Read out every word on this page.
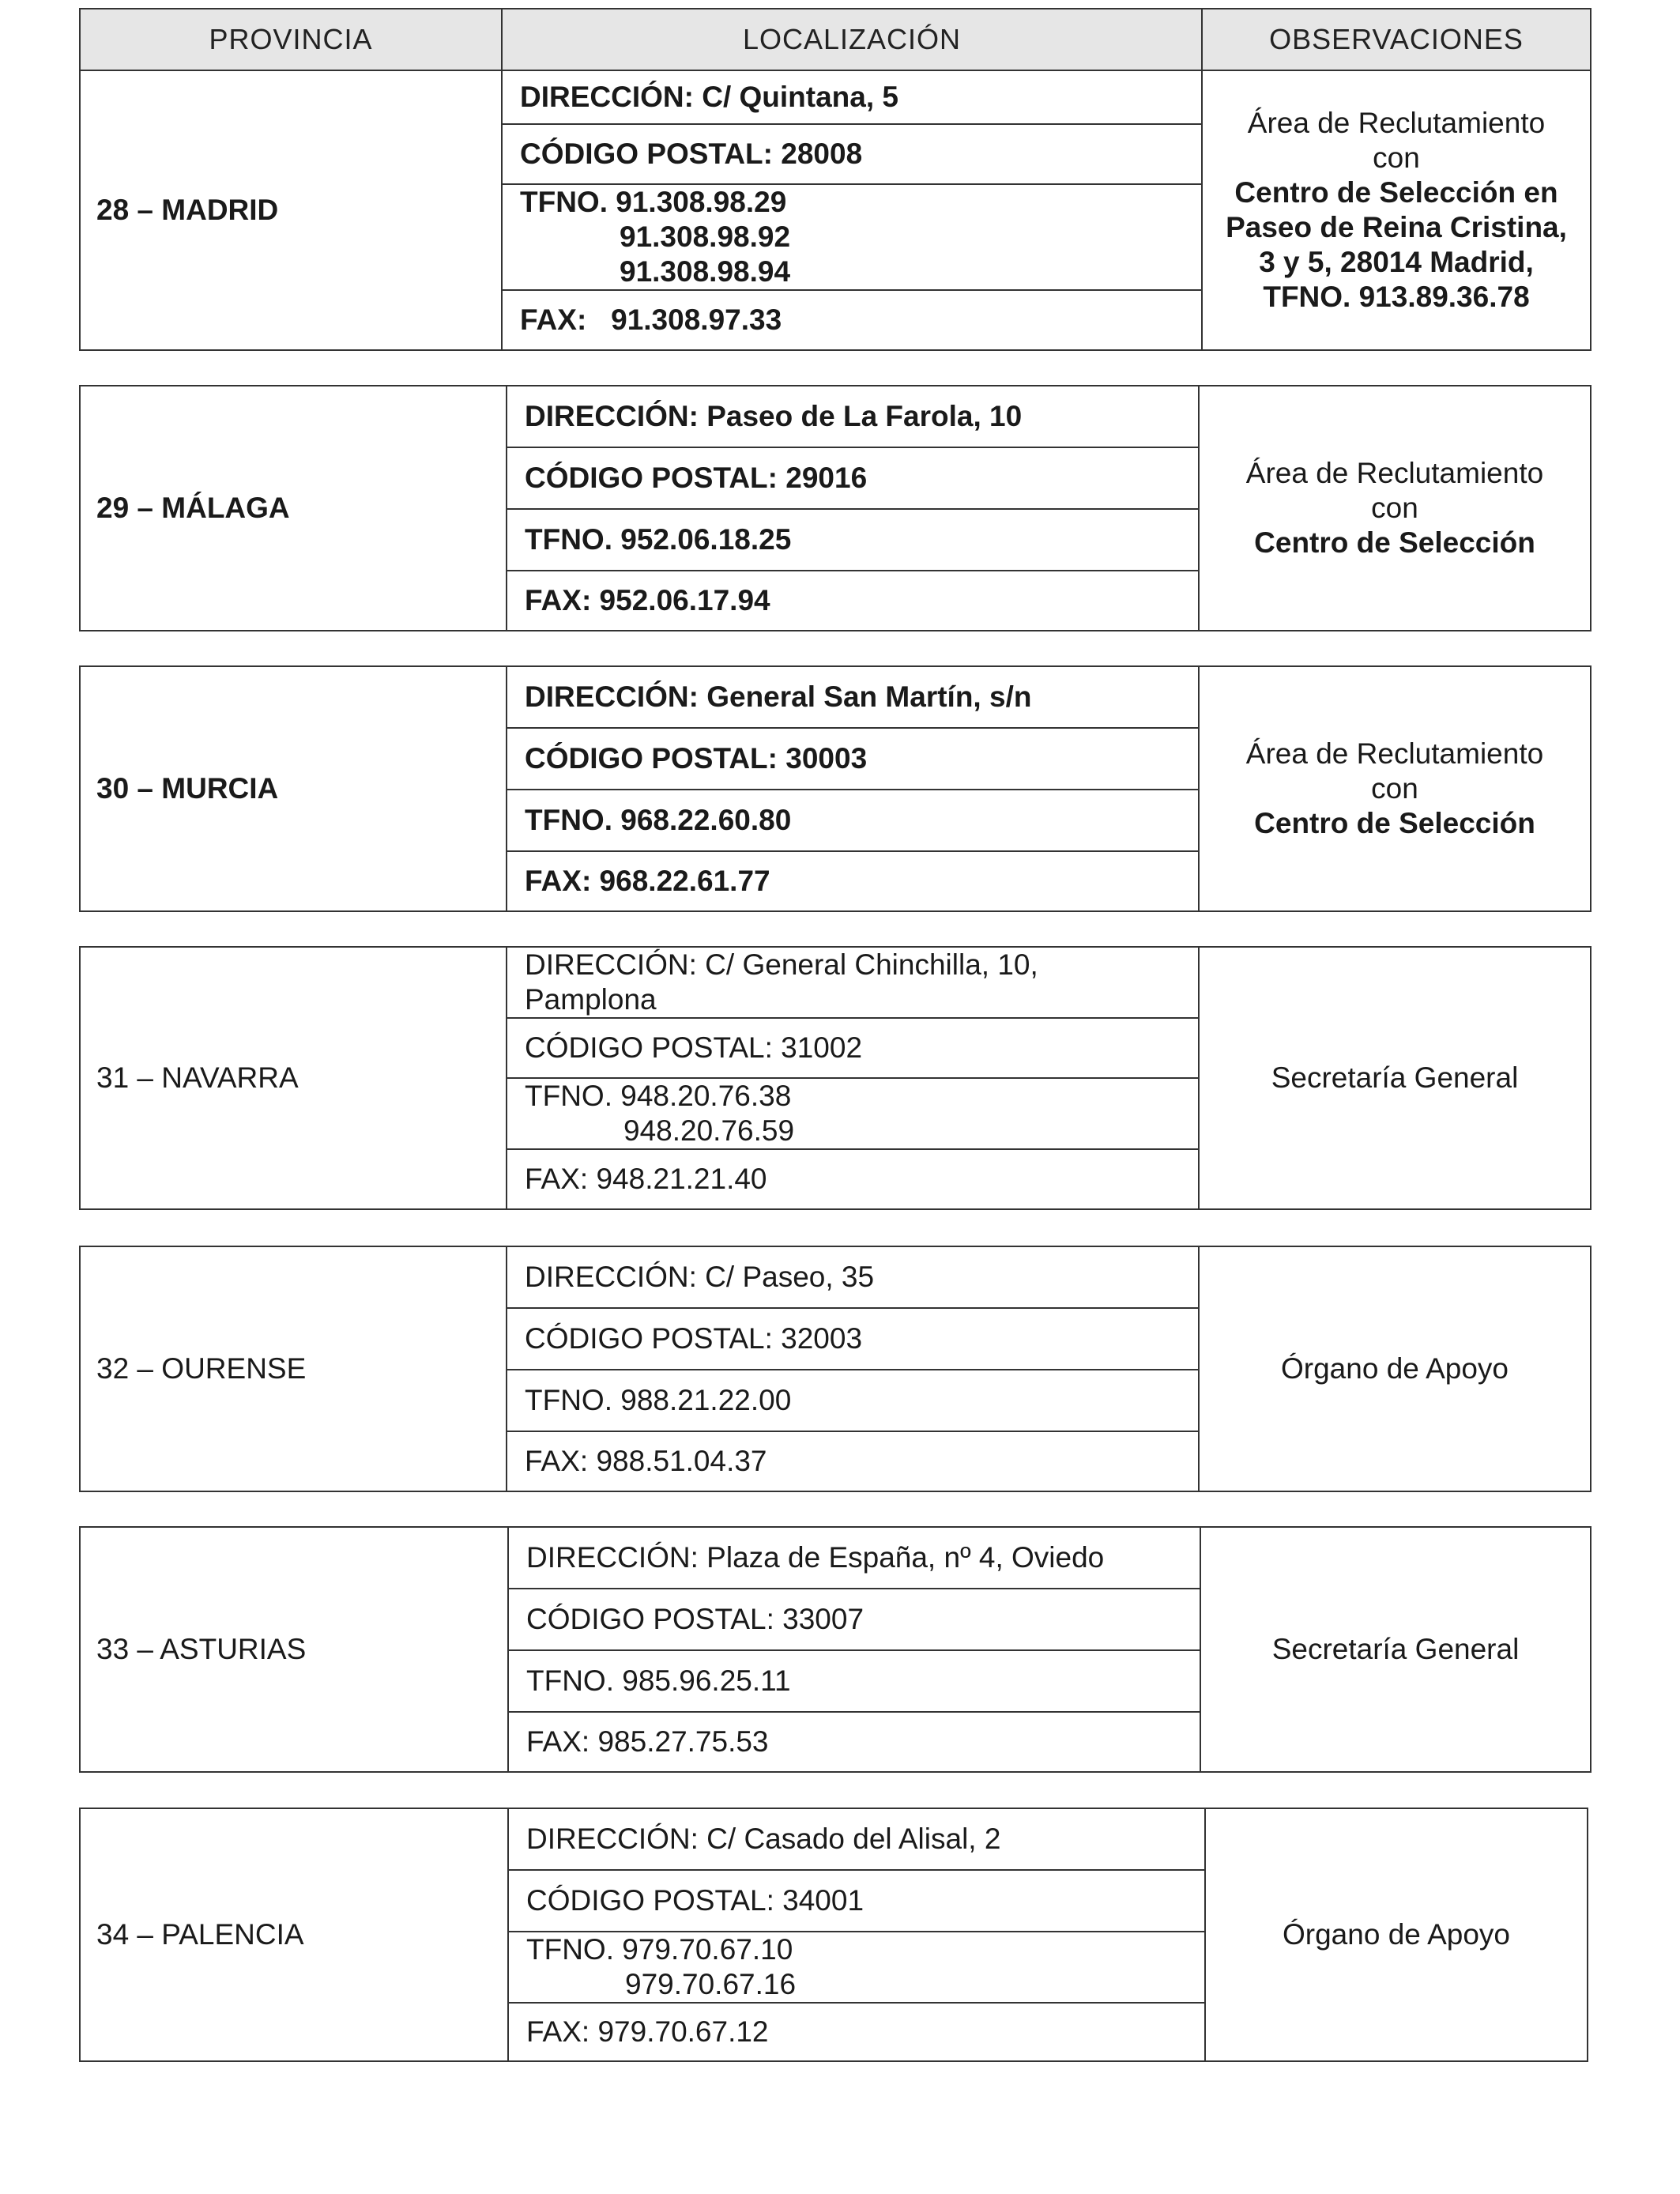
PROVINCIA	LOCALIZACIÓN	OBSERVACIONES
28 – MADRID
DIRECCIÓN: C/ Quintana, 5
CÓDIGO POSTAL: 28008
TFNO. 91.308.98.29
91.308.98.92
91.308.98.94
FAX:   91.308.97.33
Área de Reclutamiento
con
Centro de Selección en
Paseo de Reina Cristina,
3 y 5, 28014 Madrid,
TFNO. 913.89.36.78
29 – MÁLAGA
DIRECCIÓN: Paseo de La Farola, 10
CÓDIGO POSTAL: 29016
TFNO. 952.06.18.25
FAX: 952.06.17.94
Área de Reclutamiento
con
Centro de Selección
30 – MURCIA
DIRECCIÓN: General San Martín, s/n
CÓDIGO POSTAL: 30003
TFNO. 968.22.60.80
FAX: 968.22.61.77
Área de Reclutamiento
con
Centro de Selección
31 – NAVARRA
DIRECCIÓN: C/ General Chinchilla, 10,
Pamplona
CÓDIGO POSTAL: 31002
TFNO. 948.20.76.38
948.20.76.59
FAX: 948.21.21.40
Secretaría General
32 – OURENSE
DIRECCIÓN: C/ Paseo, 35
CÓDIGO POSTAL: 32003
TFNO. 988.21.22.00
FAX: 988.51.04.37
Órgano de Apoyo
33 – ASTURIAS
DIRECCIÓN: Plaza de España, nº 4, Oviedo
CÓDIGO POSTAL: 33007
TFNO. 985.96.25.11
FAX: 985.27.75.53
Secretaría General
34 – PALENCIA
DIRECCIÓN: C/ Casado del Alisal, 2
CÓDIGO POSTAL: 34001
TFNO. 979.70.67.10
979.70.67.16
FAX: 979.70.67.12
Órgano de Apoyo
